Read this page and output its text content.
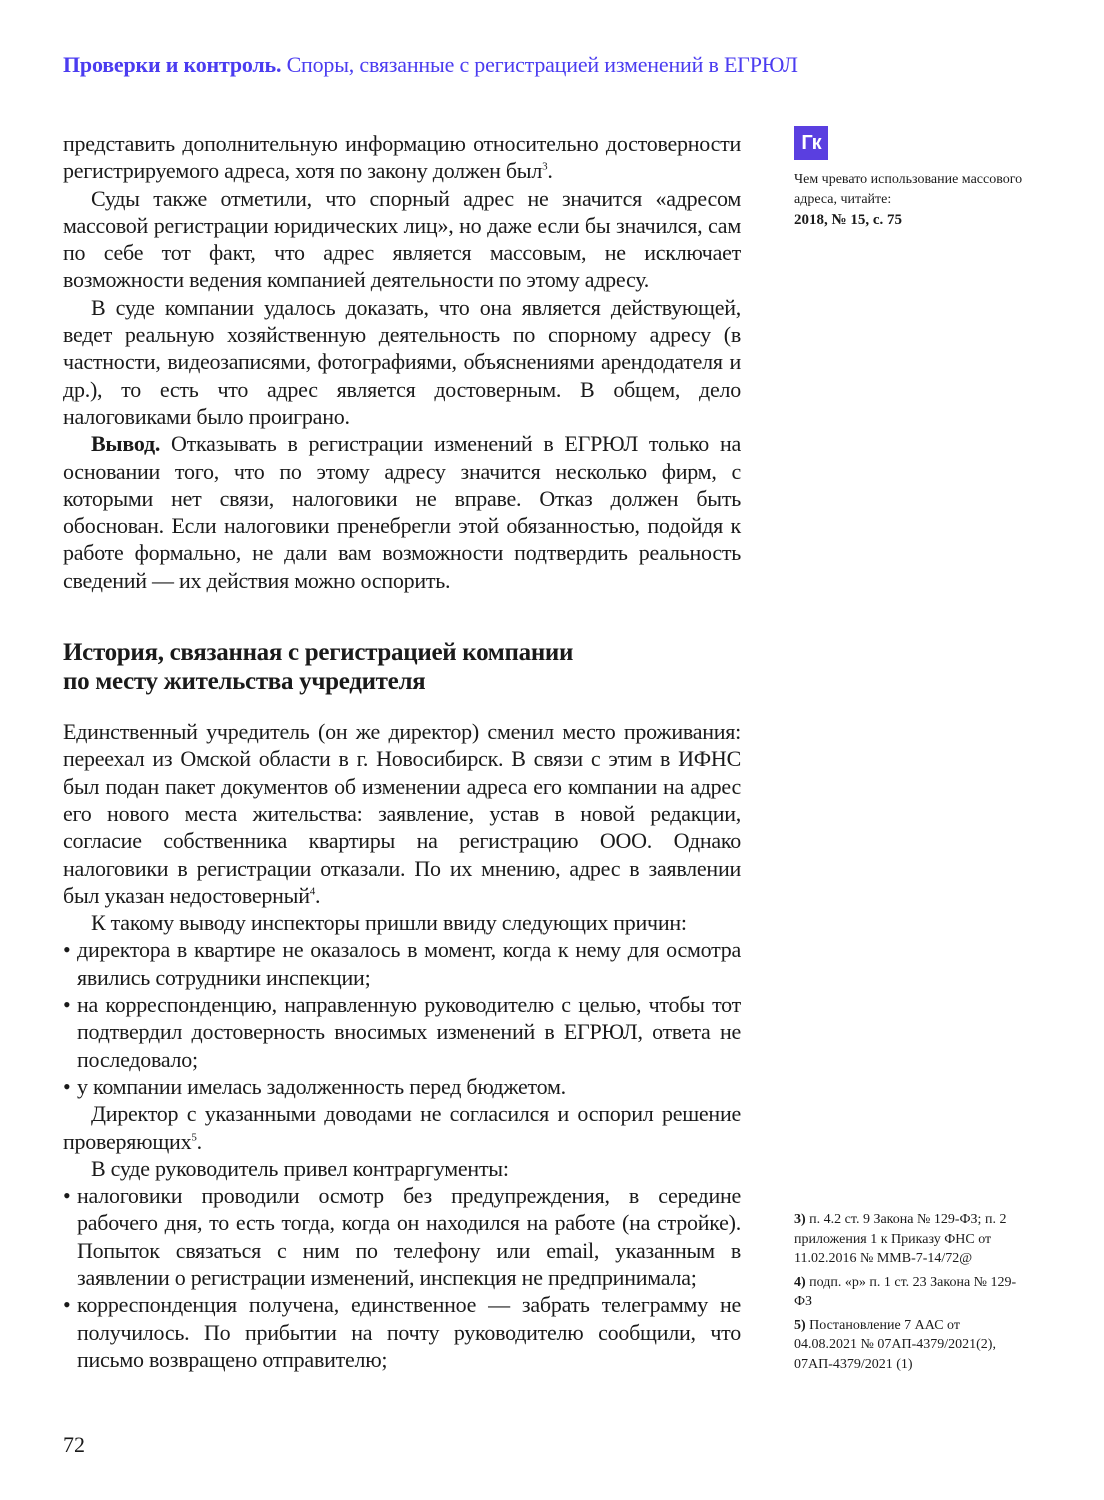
Проверки и контроль. Споры, связанные с регистрацией изменений в ЕГРЮЛ

представить дополнительную информацию относительно достоверности регистрируемого адреса, хотя по закону должен был$^3$.

Суды также отметили, что спорный адрес не значится «адресом массовой регистрации юридических лиц», но даже если бы значился, сам по себе тот факт, что адрес является массовым, не исключает возможности ведения компанией деятельности по этому адресу.

В суде компании удалось доказать, что она является действующей, ведет реальную хозяйственную деятельность по спорному адресу (в частности, видеозаписями, фотографиями, объяснениями арендодателя и др.), то есть что адрес является достоверным. В общем, дело налоговиками было проиграно.

Вывод. Отказывать в регистрации изменений в ЕГРЮЛ только на основании того, что по этому адресу значится несколько фирм, с которыми нет связи, налоговики не вправе. Отказ должен быть обоснован. Если налоговики пренебрегли этой обязанностью, подойдя к работе формально, не дали вам возможности подтвердить реальность сведений — их действия можно оспорить.

История, связанная с регистрацией компании
по месту жительства учредителя

Единственный учредитель (он же директор) сменил место проживания: переехал из Омской области в г. Новосибирск. В связи с этим в ИФНС был подан пакет документов об изменении адреса его компании на адрес его нового места жительства: заявление, устав в новой редакции, согласие собственника квартиры на регистрацию ООО. Однако налоговики в регистрации отказали. По их мнению, адрес в заявлении был указан недостоверный$^4$.

К такому выводу инспекторы пришли ввиду следующих причин:

• директора в квартире не оказалось в момент, когда к нему для осмотра явились сотрудники инспекции;
• на корреспонденцию, направленную руководителю с целью, чтобы тот подтвердил достоверность вносимых изменений в ЕГРЮЛ, ответа не последовало;
• у компании имелась задолженность перед бюджетом.

Директор с указанными доводами не согласился и оспорил решение проверяющих$^5$.

В суде руководитель привел контраргументы:

• налоговики проводили осмотр без предупреждения, в середине рабочего дня, то есть тогда, когда он находился на работе (на стройке). Попыток связаться с ним по телефону или email, указанным в заявлении о регистрации изменений, инспекция не предпринимала;
• корреспонденция получена, единственное — забрать телеграмму не получилось. По прибытии на почту руководителю сообщили, что письмо возвращено отправителю;
Гк
Чем чревато использование массового адреса, читайте:
2018, № 15, с. 75
3) п. 4.2 ст. 9 Закона № 129-ФЗ; п. 2 приложения 1 к Приказу ФНС от 11.02.2016 № ММВ-7-14/72@
4) подп. «р» п. 1 ст. 23 Закона № 129-ФЗ
5) Постановление 7 ААС от 04.08.2021 № 07АП-4379/2021(2), 07АП-4379/2021 (1)
72
